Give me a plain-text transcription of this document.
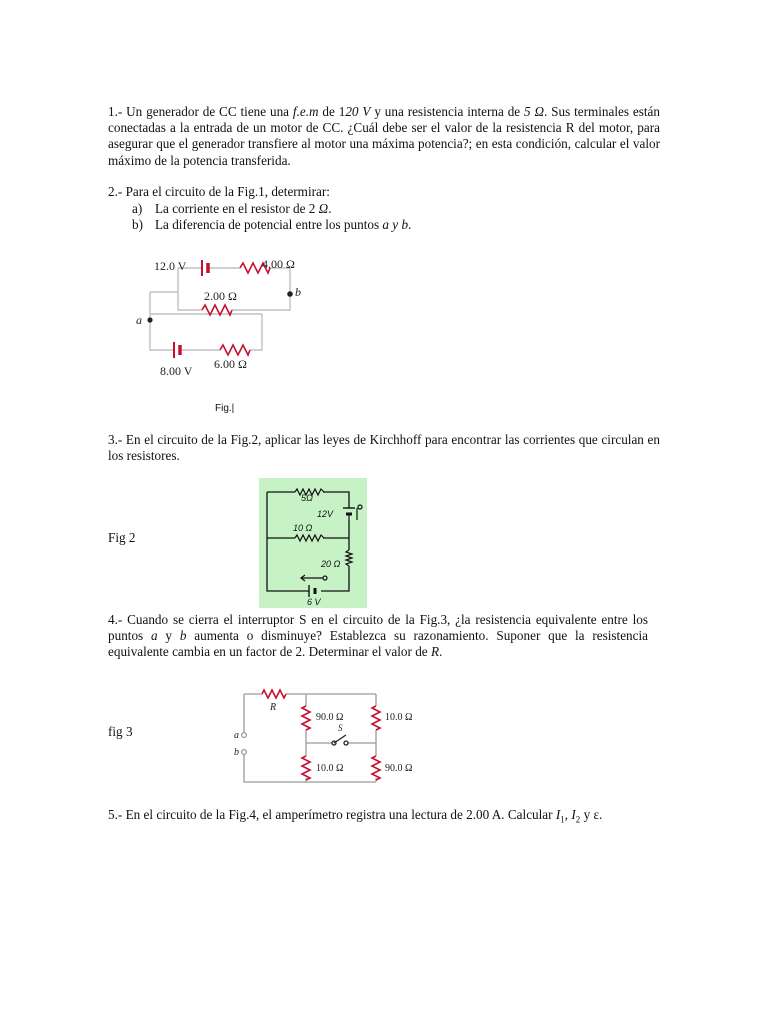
1.- Un generador de CC tiene una f.e.m de 120 V y una resistencia interna de 5 Ω. Sus terminales están conectadas a la entrada de un motor de CC. ¿Cuál debe ser el valor de la resistencia R del motor, para asegurar que el generador transfiere al motor una máxima potencia?; en esta condición, calcular el valor máximo de la potencia transferida.
2.- Para el circuito de la Fig.1, determirar:
a) La corriente en el resistor de 2 Ω.
b) La diferencia de potencial entre los puntos a y b.
12.0 V	4.00 Ω
2.00 Ω	b
a
8.00 V 6.00 Ω
Fig.|
3.- En el circuito de la Fig.2, aplicar las leyes de Kirchhoff para encontrar las corrientes que circulan en los resistores.
Fig 2
5Ω
12V
10 Ω
20 Ω
6 V
4.- Cuando se cierra el interruptor S en el circuito de la Fig.3, ¿la resistencia equivalente entre los puntos a y b aumenta o disminuye? Establezca su razonamiento. Suponer que la resistencia equivalente cambia en un factor de 2. Determinar el valor de R.
fig 3
R
90.0 Ω	10.0 Ω
S
a
b
10.0 Ω	90.0 Ω
5.- En el circuito de la Fig.4, el amperímetro registra una lectura de 2.00 A. Calcular $I_1$, $I_2$ y ε.
